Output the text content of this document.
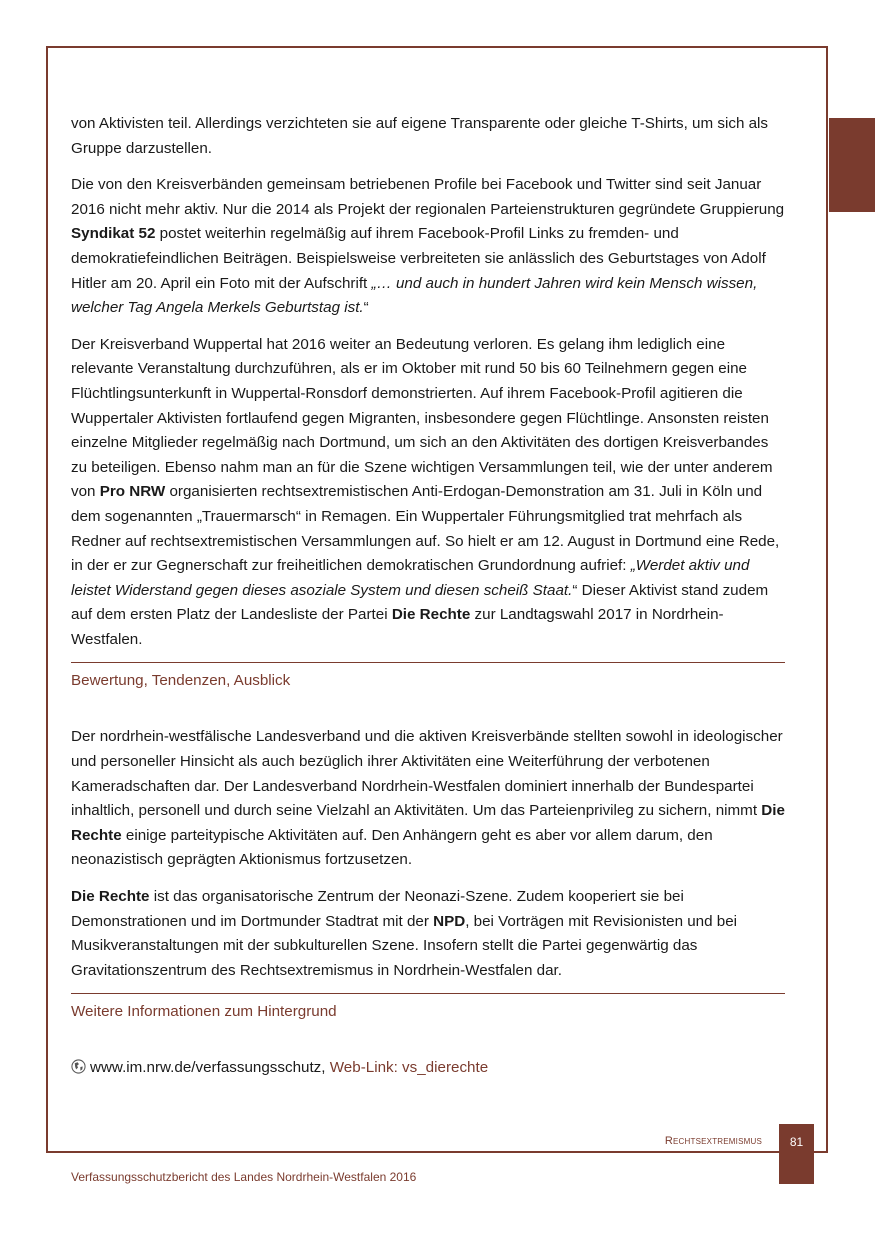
von Aktivisten teil. Allerdings verzichteten sie auf eigene Transparente oder gleiche T-Shirts, um sich als Gruppe darzustellen.

Die von den Kreisverbänden gemeinsam betriebenen Profile bei Facebook und Twitter sind seit Januar 2016 nicht mehr aktiv. Nur die 2014 als Projekt der regionalen Parteienstrukturen gegründete Gruppierung Syndikat 52 postet weiterhin regelmäßig auf ihrem Facebook-Profil Links zu fremden- und demokratiefeindlichen Beiträgen. Beispielsweise verbreiteten sie anlässlich des Geburtstages von Adolf Hitler am 20. April ein Foto mit der Aufschrift „… und auch in hundert Jahren wird kein Mensch wissen, welcher Tag Angela Merkels Geburtstag ist.“

Der Kreisverband Wuppertal hat 2016 weiter an Bedeutung verloren. Es gelang ihm lediglich eine relevante Veranstaltung durchzuführen, als er im Oktober mit rund 50 bis 60 Teilnehmern gegen eine Flüchtlingsunterkunft in Wuppertal-Ronsdorf demonstrierten. Auf ihrem Facebook-Profil agitieren die Wuppertaler Aktivisten fortlaufend gegen Migranten, insbesondere gegen Flüchtlinge. Ansonsten reisten einzelne Mitglieder regelmäßig nach Dortmund, um sich an den Aktivitäten des dortigen Kreisverbandes zu beteiligen. Ebenso nahm man an für die Szene wichtigen Versammlungen teil, wie der unter anderem von Pro NRW organisierten rechtsextremistischen Anti-Erdogan-Demonstration am 31. Juli in Köln und dem sogenannten „Trauermarsch“ in Remagen. Ein Wuppertaler Führungsmitglied trat mehrfach als Redner auf rechtsextremistischen Versammlungen auf. So hielt er am 12. August in Dortmund eine Rede, in der er zur Gegnerschaft zur freiheitlichen demokratischen Grundordnung aufrief: „Werdet aktiv und leistet Widerstand gegen dieses asoziale System und diesen scheiß Staat.“ Dieser Aktivist stand zudem auf dem ersten Platz der Landesliste der Partei Die Rechte zur Landtagswahl 2017 in Nordrhein-Westfalen.

Bewertung, Tendenzen, Ausblick

Der nordrhein-westfälische Landesverband und die aktiven Kreisverbände stellten sowohl in ideologischer und personeller Hinsicht als auch bezüglich ihrer Aktivitäten eine Weiterführung der verbotenen Kameradschaften dar. Der Landesverband Nordrhein-Westfalen dominiert innerhalb der Bundespartei inhaltlich, personell und durch seine Vielzahl an Aktivitäten. Um das Parteienprivileg zu sichern, nimmt Die Rechte einige parteitypische Aktivitäten auf. Den Anhängern geht es aber vor allem darum, den neonazistisch geprägten Aktionismus fortzusetzen.

Die Rechte ist das organisatorische Zentrum der Neonazi-Szene. Zudem kooperiert sie bei Demonstrationen und im Dortmunder Stadtrat mit der NPD, bei Vorträgen mit Revisionisten und bei Musikveranstaltungen mit der subkulturellen Szene. Insofern stellt die Partei gegenwärtig das Gravitationszentrum des Rechtsextremismus in Nordrhein-Westfalen dar.

Weitere Informationen zum Hintergrund
www.im.nrw.de/verfassungsschutz, Web-Link: vs_dierechte
Rechtsextremismus	81
Verfassungsschutzbericht des Landes Nordrhein-Westfalen 2016
